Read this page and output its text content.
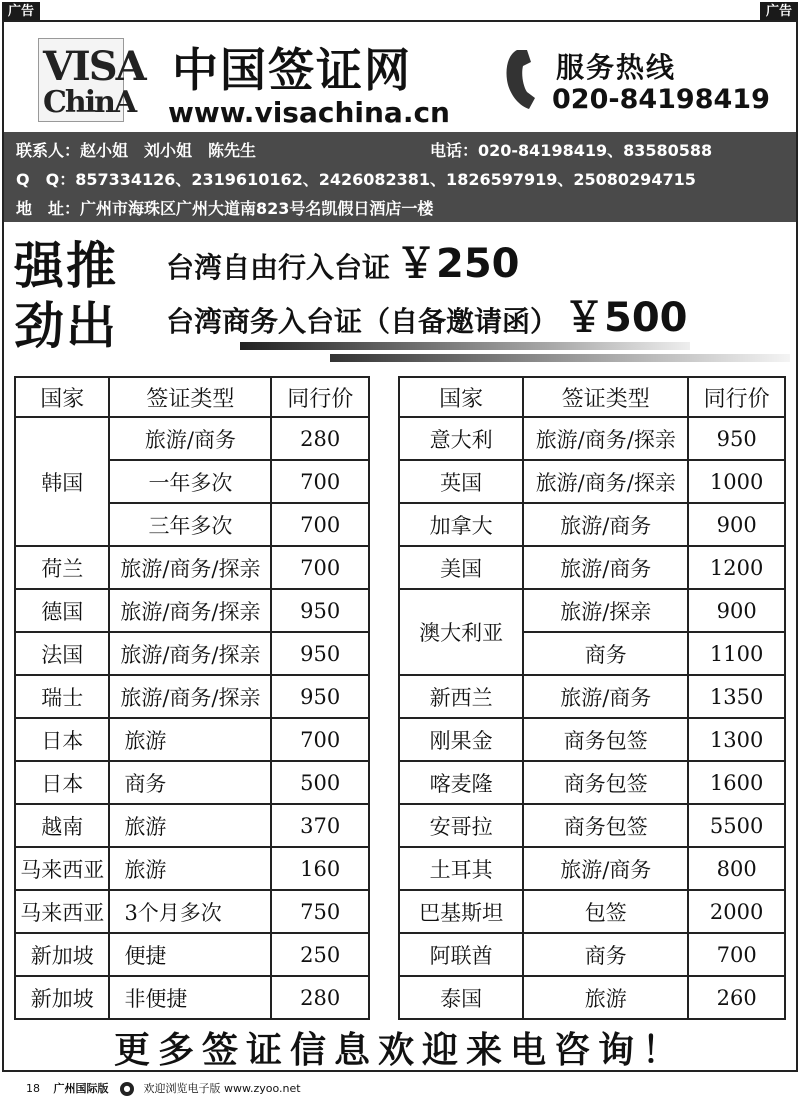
广告	广告
VISA
ChinA
中国签证网
www.visachina.cn
服务热线
020-84198419
联系人：赵小姐　刘小姐　陈先生	电话：020-84198419、83580588
Q　Q：857334126、2319610162、2426082381、1826597919、25080294715
地　址：广州市海珠区广州大道南823号名凯假日酒店一楼
强推
劲出
台湾自由行入台证 ￥250
台湾商务入台证（自备邀请函） ￥500
国家	签证类型	同行价
韩国	旅游/商务	280
	一年多次	700
	三年多次	700
荷兰	旅游/商务/探亲	700
德国	旅游/商务/探亲	950
法国	旅游/商务/探亲	950
瑞士	旅游/商务/探亲	950
日本	旅游	700
日本	商务	500
越南	旅游	370
马来西亚	旅游	160
马来西亚	3个月多次	750
新加坡	便捷	250
新加坡	非便捷	280
国家	签证类型	同行价
意大利	旅游/商务/探亲	950
英国	旅游/商务/探亲	1000
加拿大	旅游/商务	900
美国	旅游/商务	1200
澳大利亚	旅游/探亲	900
	商务	1100
新西兰	旅游/商务	1350
刚果金	商务包签	1300
喀麦隆	商务包签	1600
安哥拉	商务包签	5500
土耳其	旅游/商务	800
巴基斯坦	包签	2000
阿联酋	商务	700
泰国	旅游	260
更多签证信息欢迎来电咨询！
18 广州国际版 ● 欢迎浏览电子版 www.zyoo.net
